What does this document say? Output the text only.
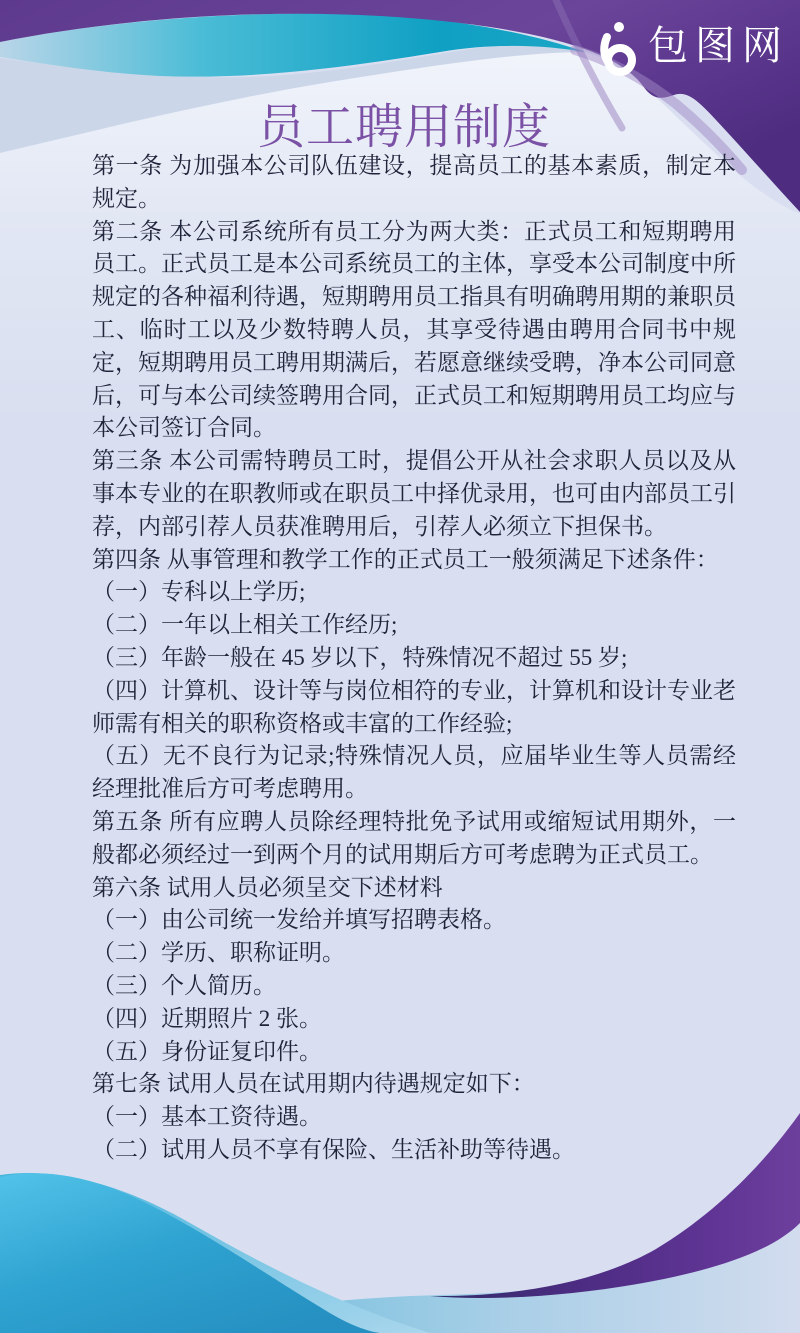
包图网
员工聘用制度

第一条 为加强本公司队伍建设，提高员工的基本素质，制定本规定。

第二条 本公司系统所有员工分为两大类：正式员工和短期聘用员工。正式员工是本公司系统员工的主体，享受本公司制度中所规定的各种福利待遇，短期聘用员工指具有明确聘用期的兼职员工、临时工以及少数特聘人员，其享受待遇由聘用合同书中规定，短期聘用员工聘用期满后，若愿意继续受聘，净本公司同意后，可与本公司续签聘用合同，正式员工和短期聘用员工均应与本公司签订合同。

第三条 本公司需特聘员工时，提倡公开从社会求职人员以及从事本专业的在职教师或在职员工中择优录用，也可由内部员工引荐，内部引荐人员获准聘用后，引荐人必须立下担保书。

第四条 从事管理和教学工作的正式员工一般须满足下述条件：

（一）专科以上学历;

（二）一年以上相关工作经历;

（三）年龄一般在 45 岁以下，特殊情况不超过 55 岁;

（四）计算机、设计等与岗位相符的专业，计算机和设计专业老师需有相关的职称资格或丰富的工作经验;

（五）无不良行为记录;特殊情况人员，应届毕业生等人员需经经理批准后方可考虑聘用。

第五条 所有应聘人员除经理特批免予试用或缩短试用期外，一般都必须经过一到两个月的试用期后方可考虑聘为正式员工。

第六条 试用人员必须呈交下述材料

（一）由公司统一发给并填写招聘表格。

（二）学历、职称证明。

（三）个人简历。

（四）近期照片 2 张。

（五）身份证复印件。

第七条 试用人员在试用期内待遇规定如下：

（一）基本工资待遇。

（二）试用人员不享有保险、生活补助等待遇。
